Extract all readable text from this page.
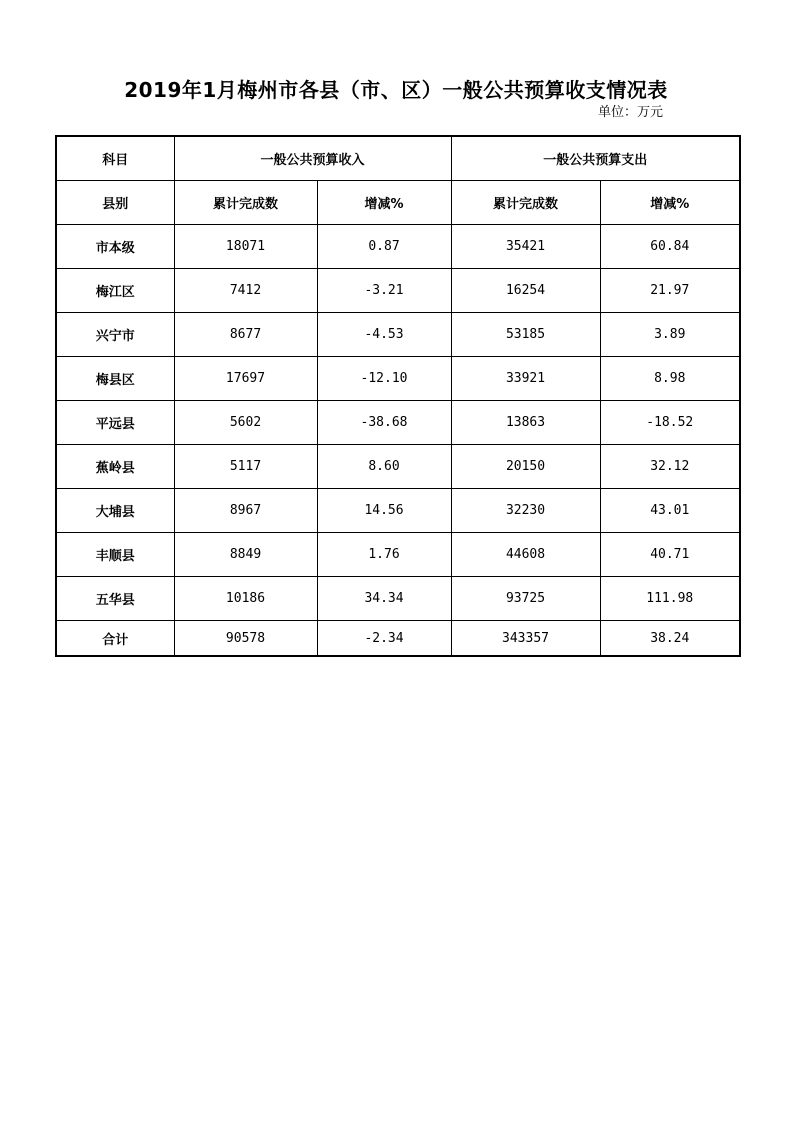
2019年1月梅州市各县（市、区）一般公共预算收支情况表
单位：万元
科目	一般公共预算收入		一般公共预算支出	
县别	累计完成数	增减%	累计完成数	增减%
市本级	18071	0.87	35421	60.84
梅江区	7412	-3.21	16254	21.97
兴宁市	8677	-4.53	53185	3.89
梅县区	17697	-12.10	33921	8.98
平远县	5602	-38.68	13863	-18.52
蕉岭县	5117	8.60	20150	32.12
大埔县	8967	14.56	32230	43.01
丰顺县	8849	1.76	44608	40.71
五华县	10186	34.34	93725	111.98
合计	90578	-2.34	343357	38.24
